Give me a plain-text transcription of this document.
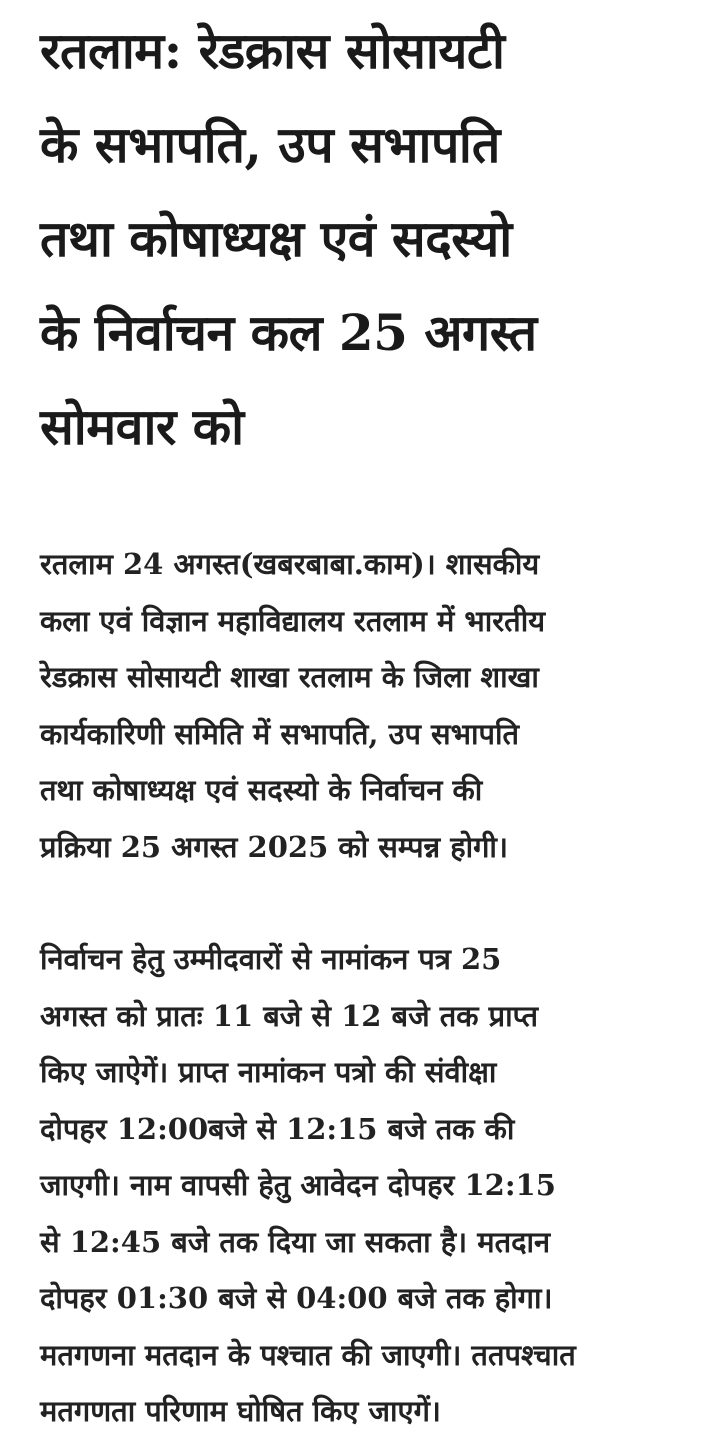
रतलाम: रेडक्रास सोसायटी
के सभापति, उप सभापति
तथा कोषाध्यक्ष एवं सदस्यो
के निर्वाचन कल 25 अगस्त
सोमवार को

रतलाम 24 अगस्त(खबरबाबा.काम)। शासकीय
कला एवं विज्ञान महाविद्यालय रतलाम में भारतीय
रेडक्रास सोसायटी शाखा रतलाम के जिला शाखा
कार्यकारिणी समिति में सभापति, उप सभापति
तथा कोषाध्यक्ष एवं सदस्यो के निर्वाचन की
प्रक्रिया 25 अगस्त 2025 को सम्पन्न होगी।

निर्वाचन हेतु उम्मीदवारों से नामांकन पत्र 25
अगस्त को प्रातः 11 बजे से 12 बजे तक प्राप्त
किए जाऐगें। प्राप्त नामांकन पत्रो की संवीक्षा
दोपहर 12:00बजे से 12:15 बजे तक की
जाएगी। नाम वापसी हेतु आवेदन दोपहर 12:15
से 12:45 बजे तक दिया जा सकता है। मतदान
दोपहर 01:30 बजे से 04:00 बजे तक होगा।
मतगणना मतदान के पश्चात की जाएगी। ततपश्चात
मतगणता परिणाम घोषित किए जाएगें।
